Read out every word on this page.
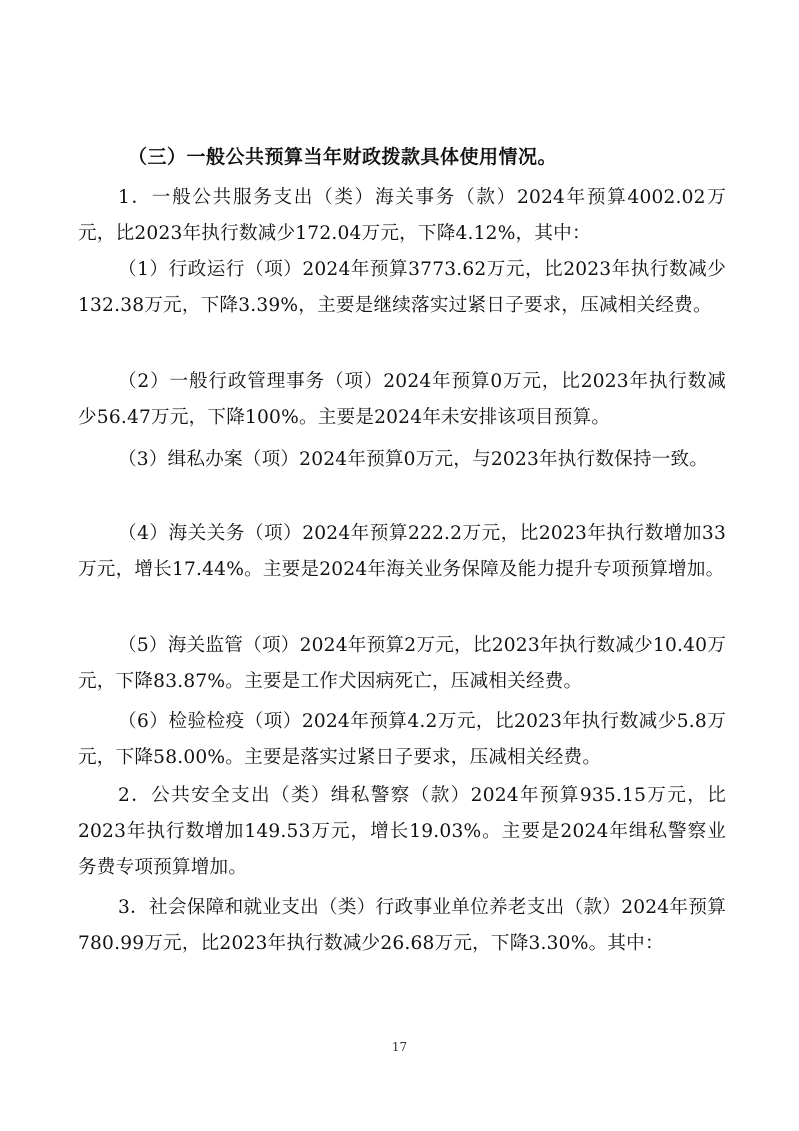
（三）一般公共预算当年财政拨款具体使用情况。
1．一般公共服务支出（类）海关事务（款）2024年预算4002.02万元，比2023年执行数减少172.04万元，下降4.12%，其中：
（1）行政运行（项）2024年预算3773.62万元，比2023年执行数减少132.38万元，下降3.39%，主要是继续落实过紧日子要求，压减相关经费。
（2）一般行政管理事务（项）2024年预算0万元，比2023年执行数减少56.47万元，下降100%。主要是2024年未安排该项目预算。
（3）缉私办案（项）2024年预算0万元，与2023年执行数保持一致。
（4）海关关务（项）2024年预算222.2万元，比2023年执行数增加33万元，增长17.44%。主要是2024年海关业务保障及能力提升专项预算增加。
（5）海关监管（项）2024年预算2万元，比2023年执行数减少10.40万元，下降83.87%。主要是工作犬因病死亡，压减相关经费。
（6）检验检疫（项）2024年预算4.2万元，比2023年执行数减少5.8万元，下降58.00%。主要是落实过紧日子要求，压减相关经费。
2．公共安全支出（类）缉私警察（款）2024年预算935.15万元，比2023年执行数增加149.53万元，增长19.03%。主要是2024年缉私警察业务费专项预算增加。
3．社会保障和就业支出（类）行政事业单位养老支出（款）2024年预算780.99万元，比2023年执行数减少26.68万元，下降3.30%。其中：
17
